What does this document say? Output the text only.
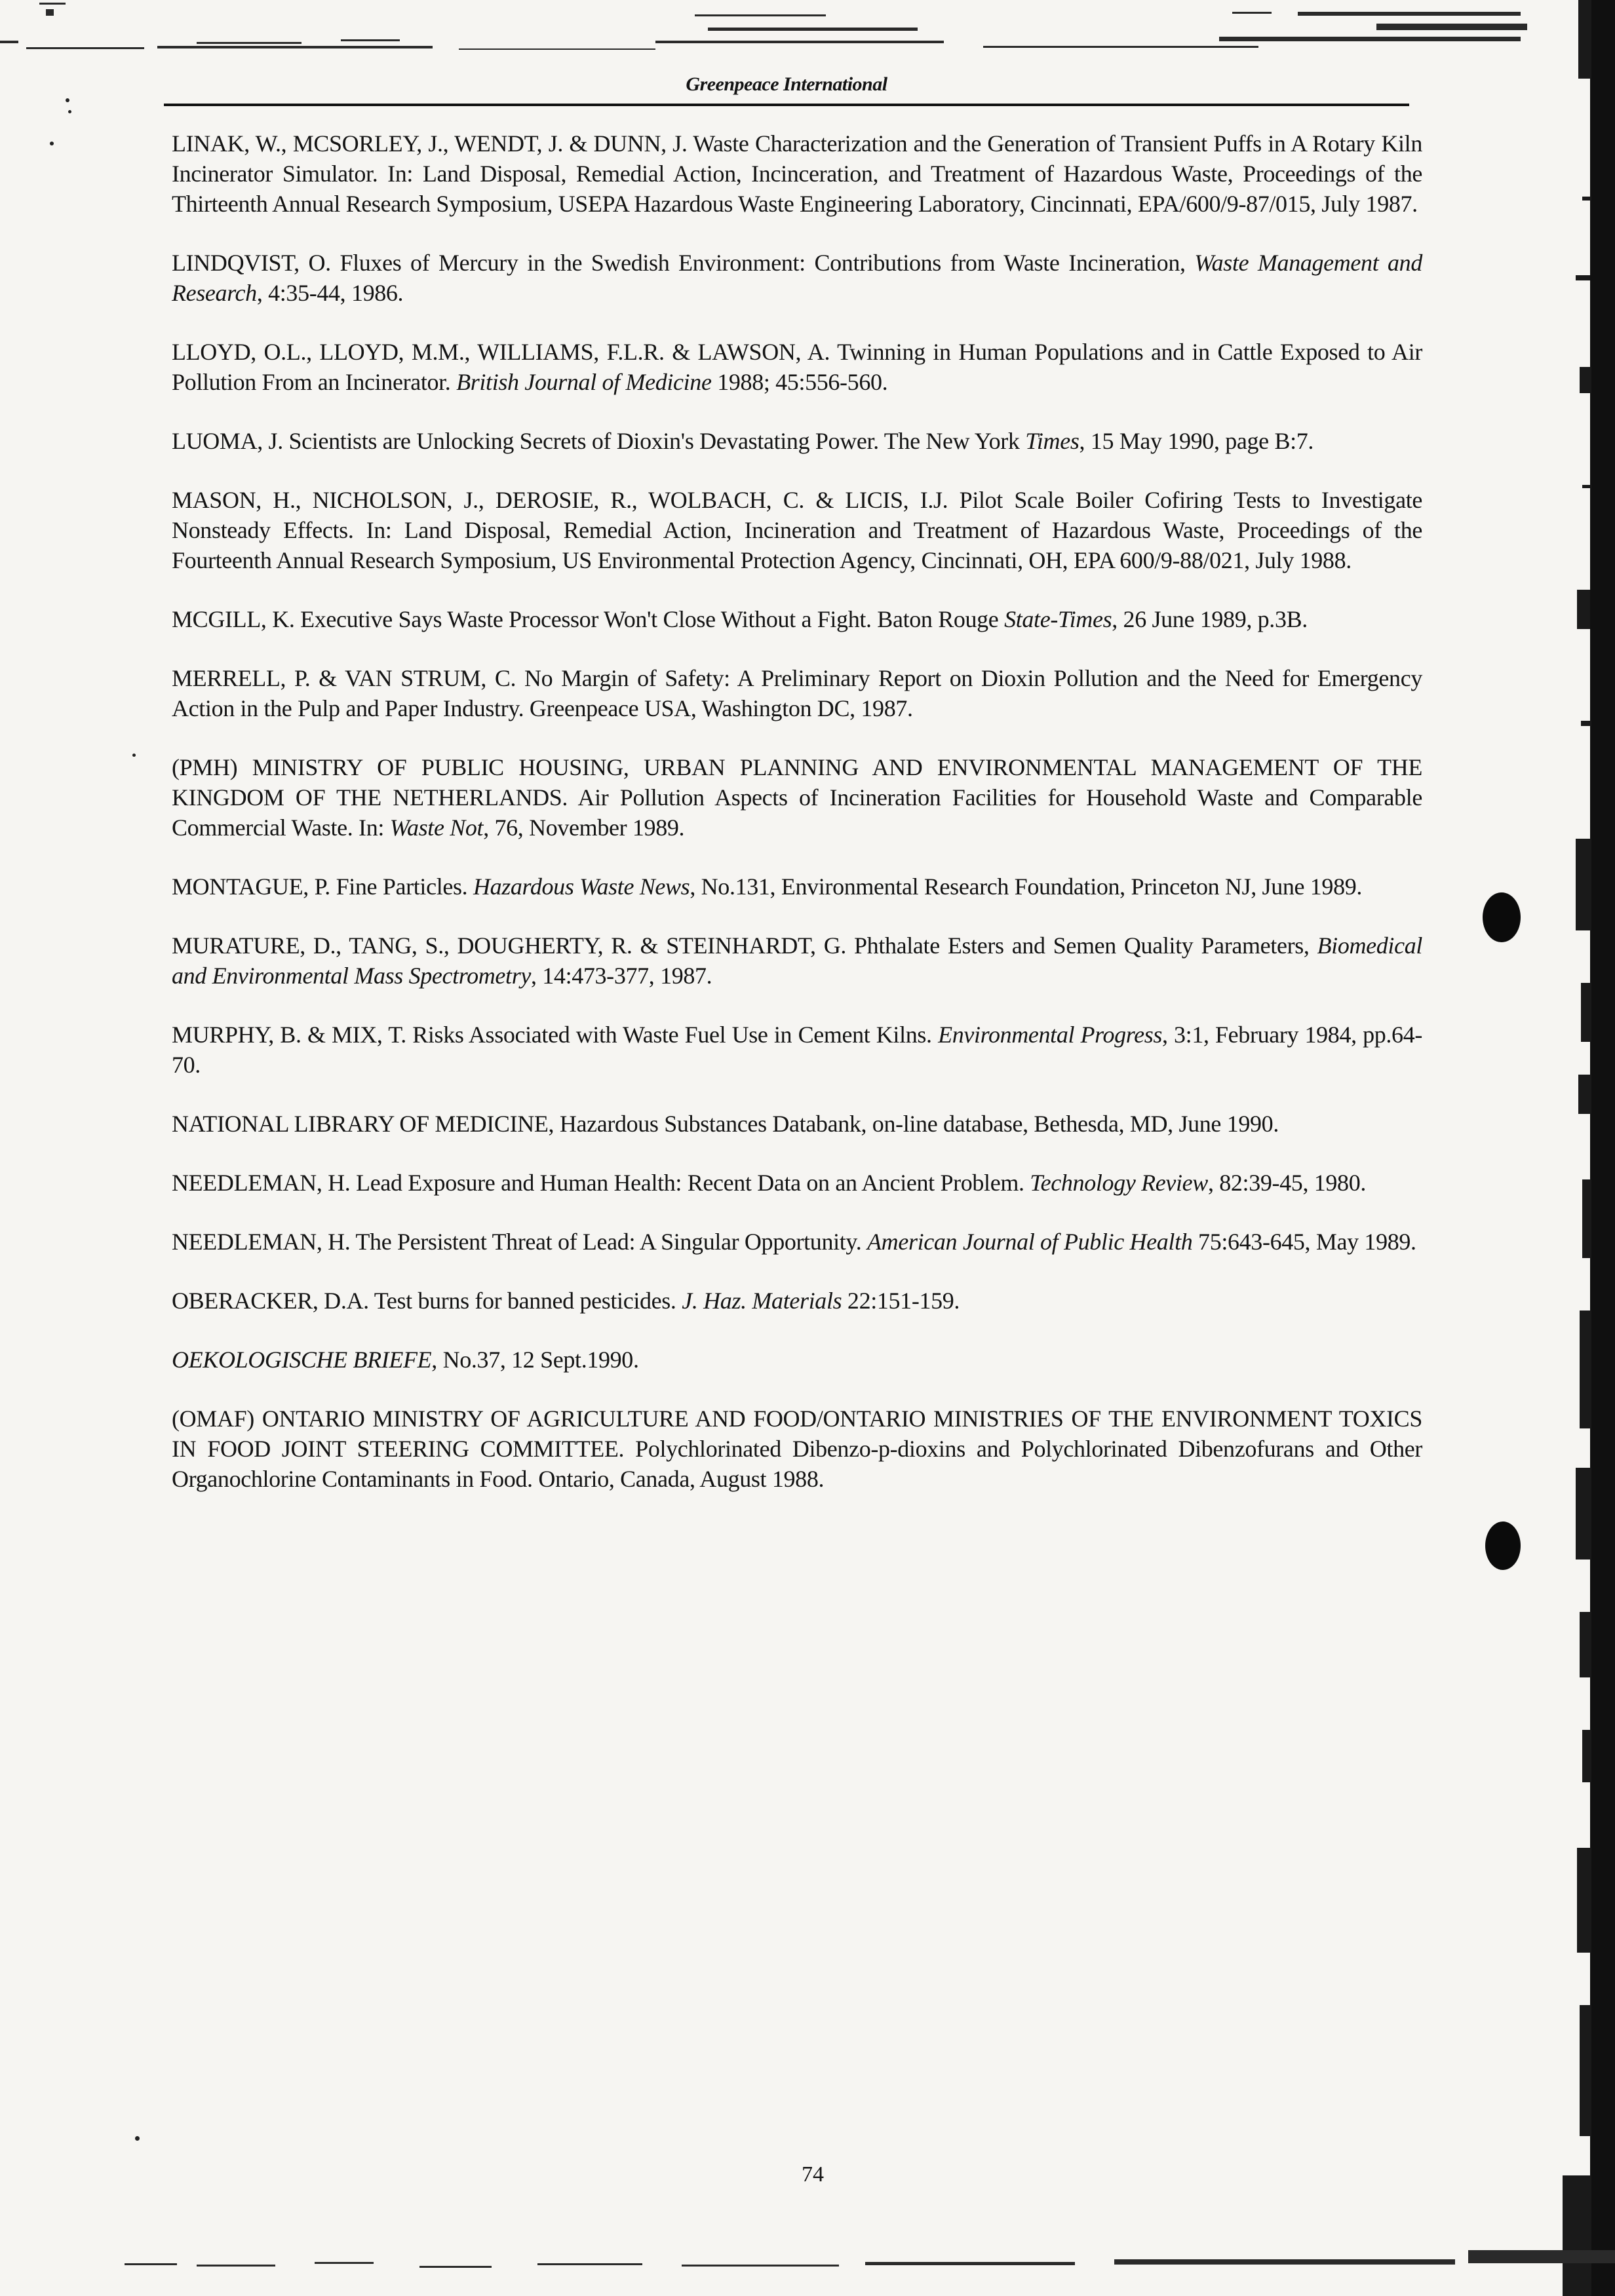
Greenpeace International

LINAK, W., MCSORLEY, J., WENDT, J. & DUNN, J. Waste Characterization and the Generation of Transient Puffs in A Rotary Kiln Incinerator Simulator. In: Land Disposal, Remedial Action, Incinceration, and Treatment of Hazardous Waste, Proceedings of the Thirteenth Annual Research Symposium, USEPA Hazardous Waste Engineering Laboratory, Cincinnati, EPA/600/9-87/015, July 1987.

LINDQVIST, O. Fluxes of Mercury in the Swedish Environment: Contributions from Waste Incineration, Waste Management and Research, 4:35-44, 1986.

LLOYD, O.L., LLOYD, M.M., WILLIAMS, F.L.R. & LAWSON, A. Twinning in Human Populations and in Cattle Exposed to Air Pollution From an Incinerator. British Journal of Medicine 1988; 45:556-560.

LUOMA, J. Scientists are Unlocking Secrets of Dioxin's Devastating Power. The New York Times, 15 May 1990, page B:7.

MASON, H., NICHOLSON, J., DEROSIE, R., WOLBACH, C. & LICIS, I.J. Pilot Scale Boiler Cofiring Tests to Investigate Nonsteady Effects. In: Land Disposal, Remedial Action, Incineration and Treatment of Hazardous Waste, Proceedings of the Fourteenth Annual Research Symposium, US Environmental Protection Agency, Cincinnati, OH, EPA 600/9-88/021, July 1988.

MCGILL, K. Executive Says Waste Processor Won't Close Without a Fight. Baton Rouge State-Times, 26 June 1989, p.3B.

MERRELL, P. & VAN STRUM, C. No Margin of Safety: A Preliminary Report on Dioxin Pollution and the Need for Emergency Action in the Pulp and Paper Industry. Greenpeace USA, Washington DC, 1987.

(PMH) MINISTRY OF PUBLIC HOUSING, URBAN PLANNING AND ENVIRONMENTAL MANAGEMENT OF THE KINGDOM OF THE NETHERLANDS. Air Pollution Aspects of Incineration Facilities for Household Waste and Comparable Commercial Waste. In: Waste Not, 76, November 1989.

MONTAGUE, P. Fine Particles. Hazardous Waste News, No.131, Environmental Research Foundation, Princeton NJ, June 1989.

MURATURE, D., TANG, S., DOUGHERTY, R. & STEINHARDT, G. Phthalate Esters and Semen Quality Parameters, Biomedical and Environmental Mass Spectrometry, 14:473-377, 1987.

MURPHY, B. & MIX, T. Risks Associated with Waste Fuel Use in Cement Kilns. Environmental Progress, 3:1, February 1984, pp.64-70.

NATIONAL LIBRARY OF MEDICINE, Hazardous Substances Databank, on-line database, Bethesda, MD, June 1990.

NEEDLEMAN, H. Lead Exposure and Human Health: Recent Data on an Ancient Problem. Technology Review, 82:39-45, 1980.

NEEDLEMAN, H. The Persistent Threat of Lead: A Singular Opportunity. American Journal of Public Health 75:643-645, May 1989.

OBERACKER, D.A. Test burns for banned pesticides. J. Haz. Materials 22:151-159.

OEKOLOGISCHE BRIEFE, No.37, 12 Sept.1990.

(OMAF) ONTARIO MINISTRY OF AGRICULTURE AND FOOD/ONTARIO MINISTRIES OF THE ENVIRONMENT TOXICS IN FOOD JOINT STEERING COMMITTEE. Polychlorinated Dibenzo-p-dioxins and Polychlorinated Dibenzofurans and Other Organochlorine Contaminants in Food. Ontario, Canada, August 1988.

74
